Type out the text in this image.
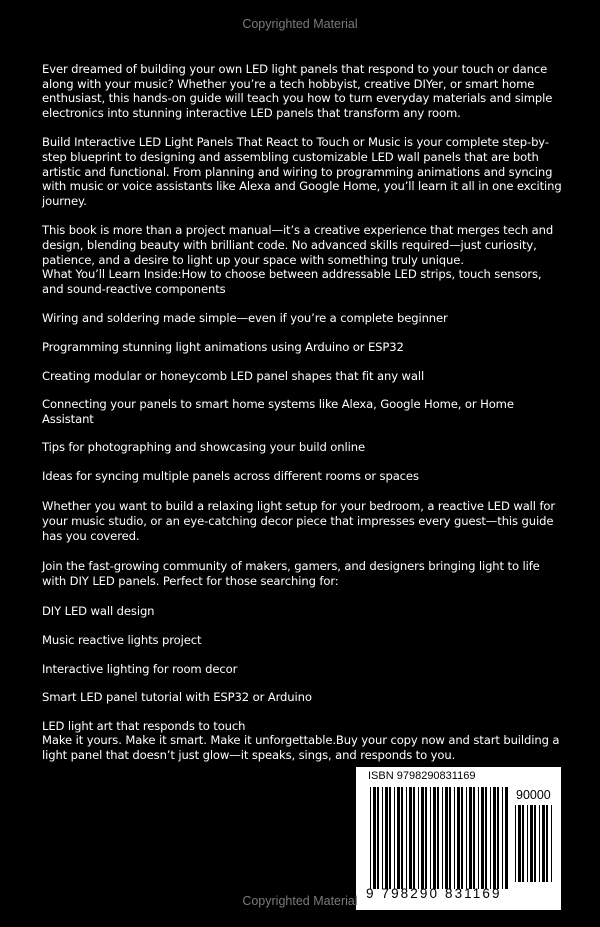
Copyrighted Material

Ever dreamed of building your own LED light panels that respond to your touch or dance along with your music? Whether you’re a tech hobbyist, creative DIYer, or smart home enthusiast, this hands-on guide will teach you how to turn everyday materials and simple electronics into stunning interactive LED panels that transform any room.

Build Interactive LED Light Panels That React to Touch or Music is your complete step-by-step blueprint to designing and assembling customizable LED wall panels that are both artistic and functional. From planning and wiring to programming animations and syncing with music or voice assistants like Alexa and Google Home, you’ll learn it all in one exciting journey.

This book is more than a project manual—it’s a creative experience that merges tech and design, blending beauty with brilliant code. No advanced skills required—just curiosity, patience, and a desire to light up your space with something truly unique.

What You’ll Learn Inside:How to choose between addressable LED strips, touch sensors, and sound-reactive components

Wiring and soldering made simple—even if you’re a complete beginner

Programming stunning light animations using Arduino or ESP32

Creating modular or honeycomb LED panel shapes that fit any wall

Connecting your panels to smart home systems like Alexa, Google Home, or Home Assistant

Tips for photographing and showcasing your build online

Ideas for syncing multiple panels across different rooms or spaces

Whether you want to build a relaxing light setup for your bedroom, a reactive LED wall for your music studio, or an eye-catching decor piece that impresses every guest—this guide has you covered.

Join the fast-growing community of makers, gamers, and designers bringing light to life with DIY LED panels. Perfect for those searching for:

DIY LED wall design

Music reactive lights project

Interactive lighting for room decor

Smart LED panel tutorial with ESP32 or Arduino

LED light art that responds to touch

Make it yours. Make it smart. Make it unforgettable.Buy your copy now and start building a light panel that doesn’t just glow—it speaks, sings, and responds to you.

ISBN 9798290831169
90000
9 798290 831169
Copyrighted Material
